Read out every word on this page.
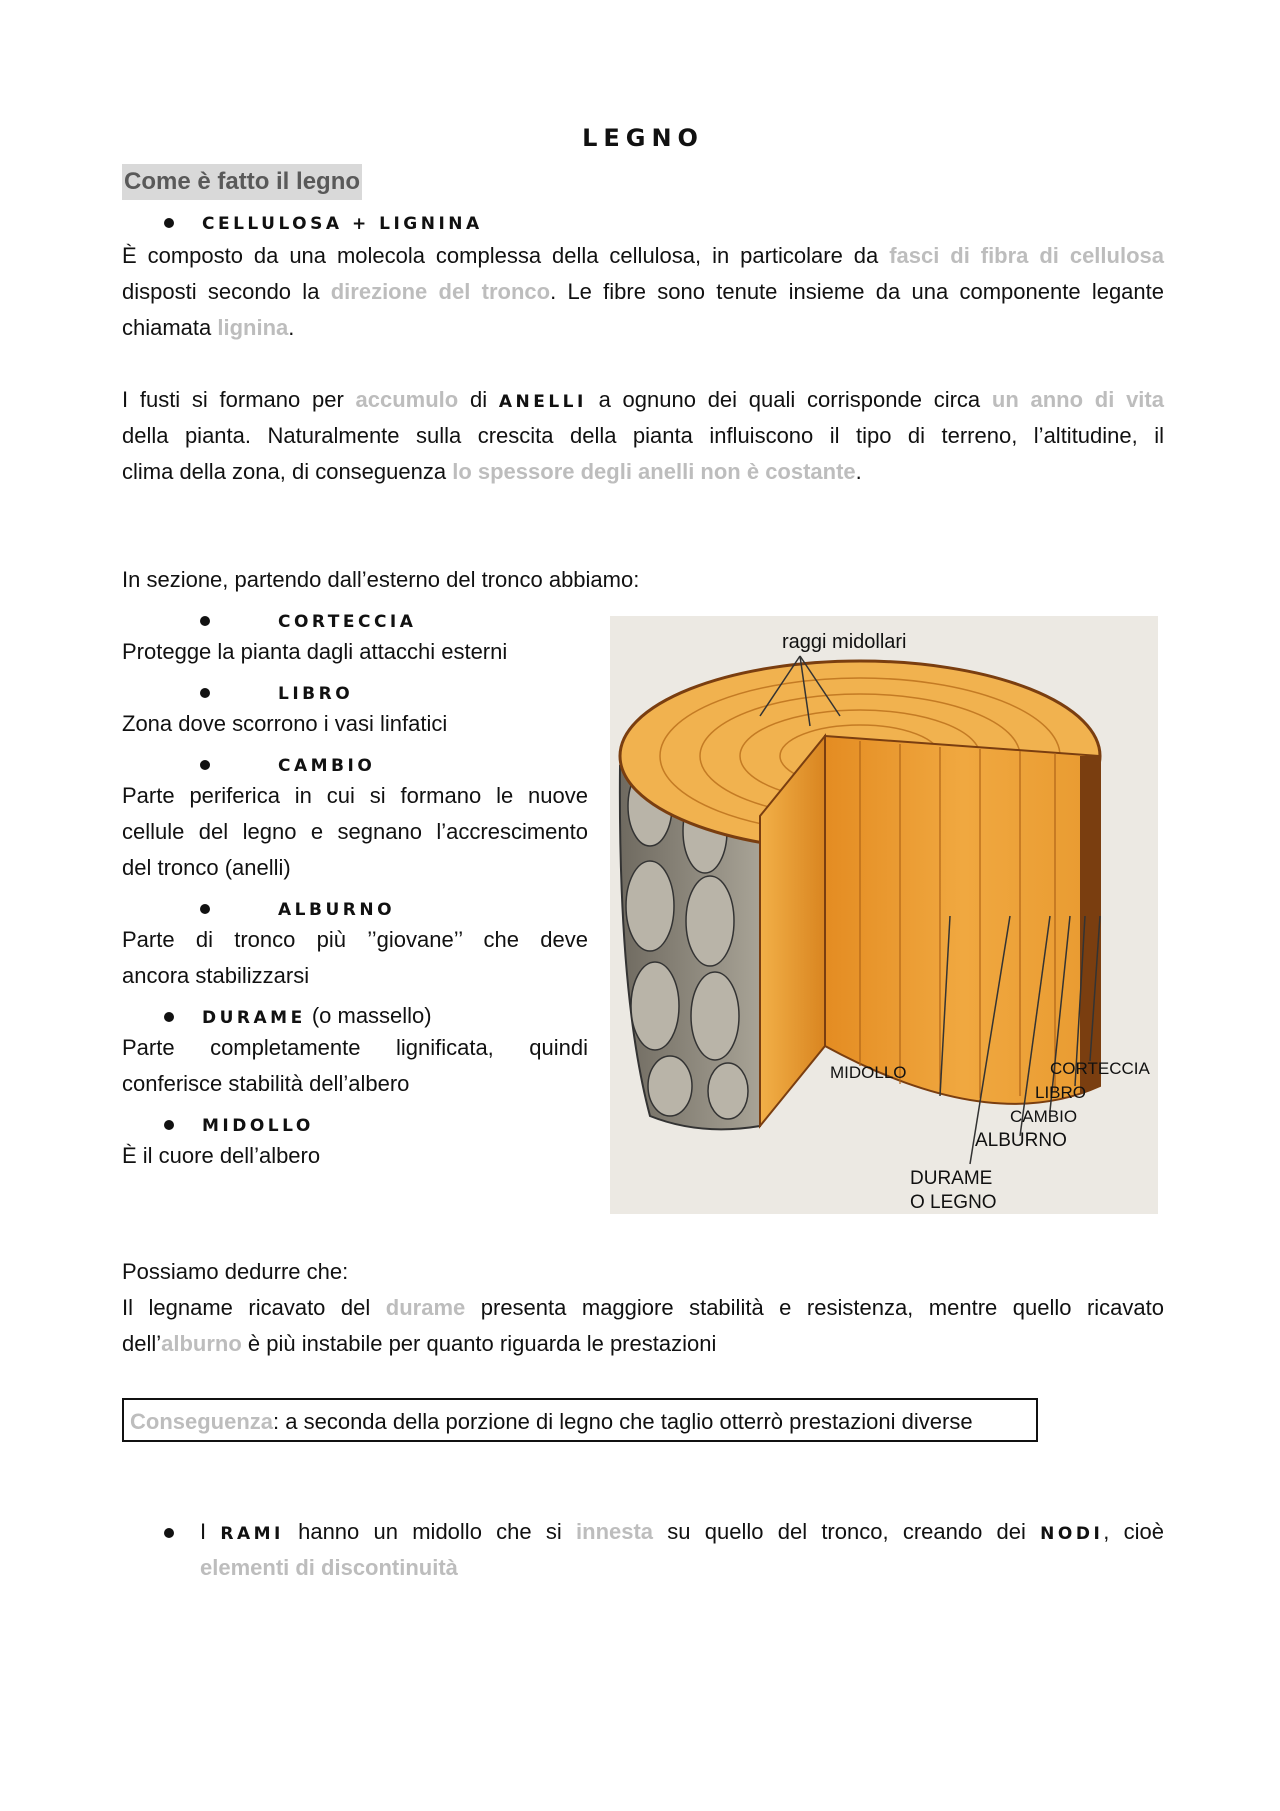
LEGNO
Come è fatto il legno
CELLULOSA + LIGNINA
È composto da una molecola complessa della cellulosa, in particolare da fasci di fibra di cellulosa
disposti secondo la direzione del tronco. Le fibre sono tenute insieme da una componente legante
chiamata lignina.
I fusti si formano per accumulo di ANELLI a ognuno dei quali corrisponde circa un anno di vita
della pianta. Naturalmente sulla crescita della pianta influiscono il tipo di terreno, l’altitudine, il
clima della zona, di conseguenza lo spessore degli anelli non è costante.
In sezione, partendo dall’esterno del tronco abbiamo:
CORTECCIA
Protegge la pianta dagli attacchi esterni
LIBRO
Zona dove scorrono i vasi linfatici
CAMBIO
Parte periferica in cui si formano le nuove
cellule del legno e segnano l’accrescimento
del tronco (anelli)
ALBURNO
Parte di tronco più ’’giovane’’ che deve
ancora stabilizzarsi
DURAME (o massello)
Parte completamente lignificata, quindi
conferisce stabilità dell’albero
MIDOLLO
È il cuore dell’albero
raggi midollari
MIDOLLO	CORTECCIA
LIBRO
CAMBIO
ALBURNO
DURAME
O LEGNO
Possiamo dedurre che:
Il legname ricavato del durame presenta maggiore stabilità e resistenza, mentre quello ricavato
dell’alburno è più instabile per quanto riguarda le prestazioni
Conseguenza: a seconda della porzione di legno che taglio otterrò prestazioni diverse
I RAMI hanno un midollo che si innesta su quello del tronco, creando dei NODI, cioè
elementi di discontinuità
